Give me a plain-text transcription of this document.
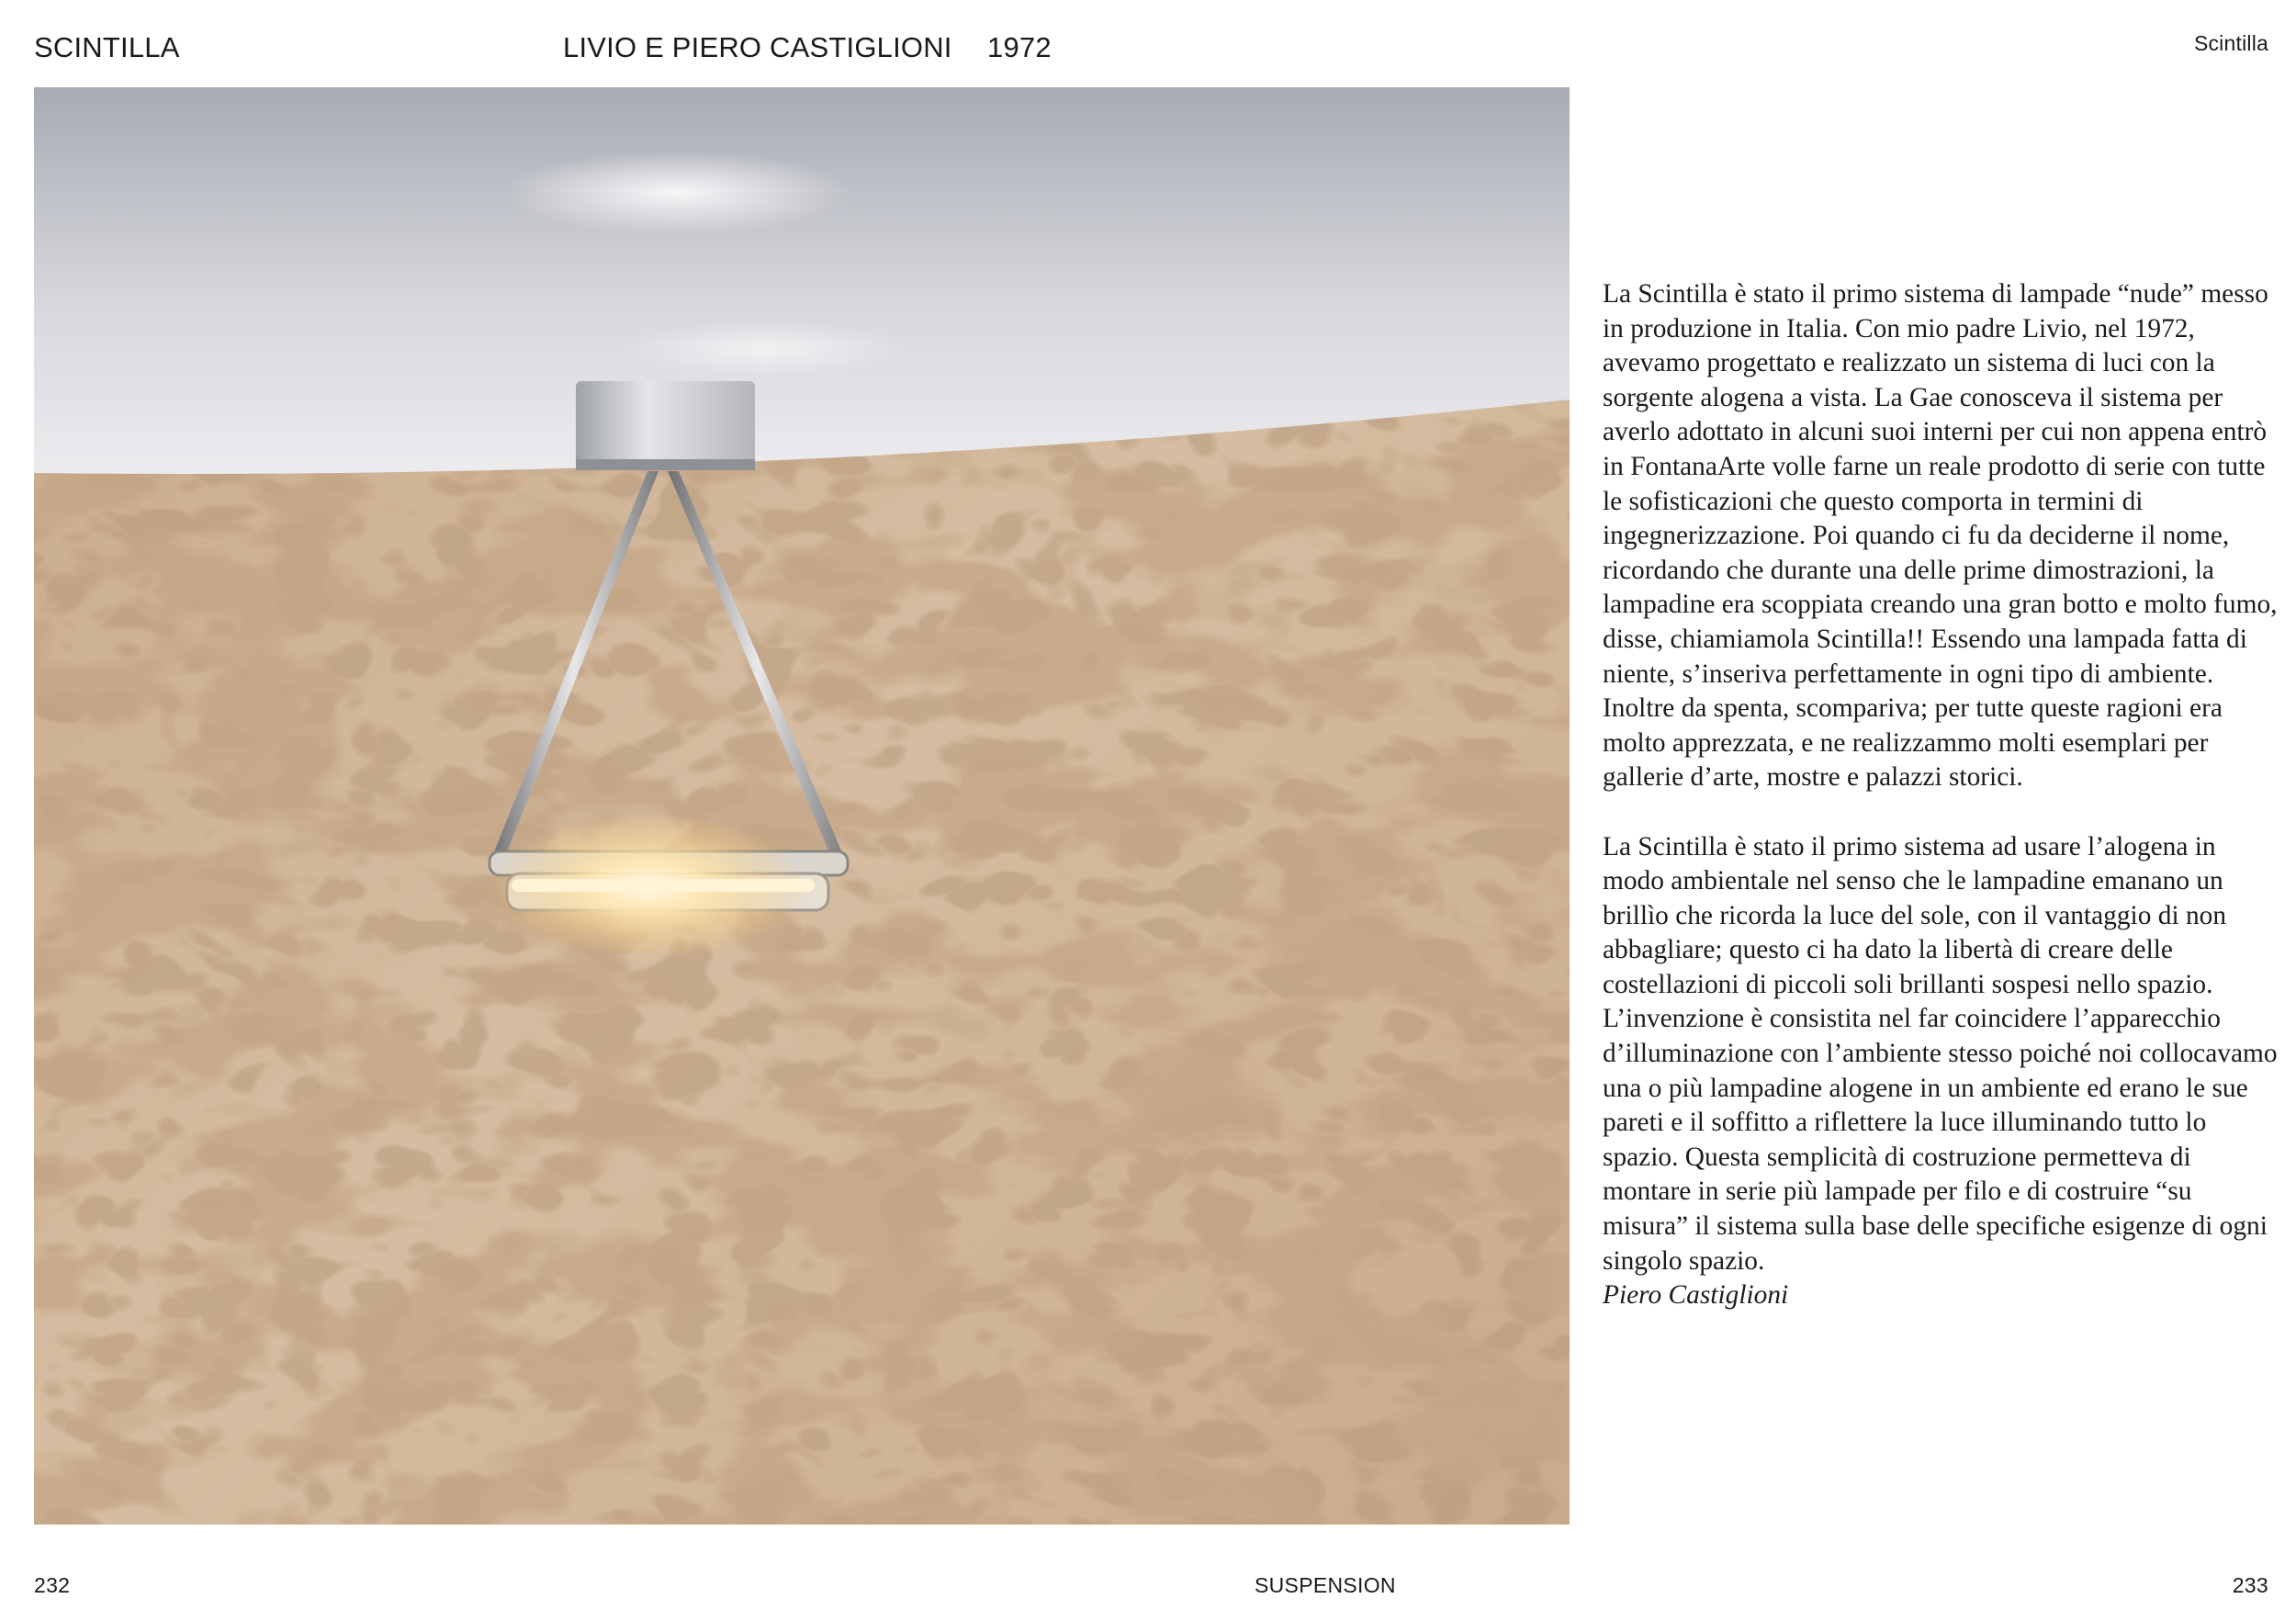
SCINTILLA	LIVIO E PIERO CASTIGLIONI 1972	Scintilla

La Scintilla è stato il primo sistema di lampade “nude” messo in produzione in Italia. Con mio padre Livio, nel 1972, avevamo progettato e realizzato un sistema di luci con la sorgente alogena a vista. La Gae conosceva il sistema per averlo adottato in alcuni suoi interni per cui non appena entrò in FontanaArte volle farne un reale prodotto di serie con tutte le sofisticazioni che questo comporta in termini di ingegnerizzazione. Poi quando ci fu da deciderne il nome, ricordando che durante una delle prime dimostrazioni, la lampadine era scoppiata creando una gran botto e molto fumo, disse, chiamiamola Scintilla!! Essendo una lampada fatta di niente, s’inseriva perfettamente in ogni tipo di ambiente. Inoltre da spenta, scompariva; per tutte queste ragioni era molto apprezzata, e ne realizzammo molti esemplari per gallerie d’arte, mostre e palazzi storici.

La Scintilla è stato il primo sistema ad usare l’alogena in modo ambientale nel senso che le lampadine emanano un brillìo che ricorda la luce del sole, con il vantaggio di non abbagliare; questo ci ha dato la libertà di creare delle costellazioni di piccoli soli brillanti sospesi nello spazio. L’invenzione è consistita nel far coincidere l’apparecchio d’illuminazione con l’ambiente stesso poiché noi collocavamo una o più lampadine alogene in un ambiente ed erano le sue pareti e il soffitto a riflettere la luce illuminando tutto lo spazio. Questa semplicità di costruzione permetteva di montare in serie più lampade per filo e di costruire “su misura” il sistema sulla base delle specifiche esigenze di ogni singolo spazio.
Piero Castiglioni

232	SUSPENSION	233
